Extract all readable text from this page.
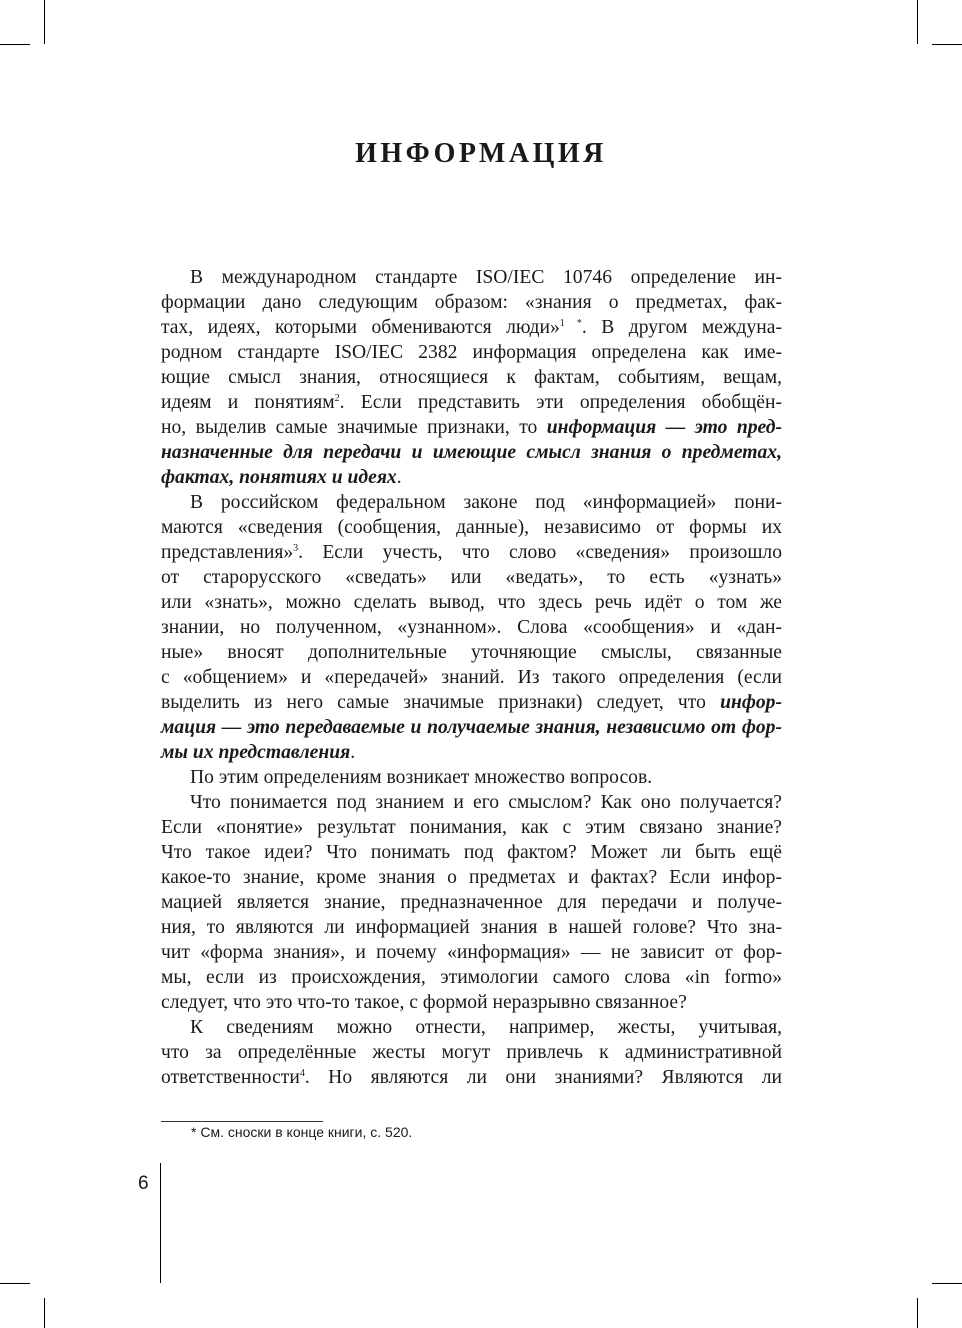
ИНФОРМАЦИЯ

В международном стандарте ISO/IEC 10746 определение ин-
формации дано следующим образом: «знания о предметах, фак-
тах, идеях, которыми обмениваются люди»$^{1 *}$. В другом междуна-
родном стандарте ISO/IEC 2382 информация определена как име-
ющие смысл знания, относящиеся к фактам, событиям, вещам,
идеям и понятиям$^2$. Если представить эти определения обобщён-
но, выделив самые значимые признаки, то информация — это пред-
назначенные для передачи и имеющие смысл знания о предметах,
фактах, понятиях и идеях.

В российском федеральном законе под «информацией» пони-
маются «сведения (сообщения, данные), независимо от формы их
представления»$^3$. Если учесть, что слово «сведения» произошло
от старорусского «сведать» или «ведать», то есть «узнать»
или «знать», можно сделать вывод, что здесь речь идёт о том же
знании, но полученном, «узнанном». Слова «сообщения» и «дан-
ные» вносят дополнительные уточняющие смыслы, связанные
с «общением» и «передачей» знаний. Из такого определения (если
выделить из него самые значимые признаки) следует, что инфор-
мация — это передаваемые и получаемые знания, независимо от фор-
мы их представления.

По этим определениям возникает множество вопросов.

Что понимается под знанием и его смыслом? Как оно получается?
Если «понятие» результат понимания, как с этим связано знание?
Что такое идеи? Что понимать под фактом? Может ли быть ещё
какое-то знание, кроме знания о предметах и фактах? Если инфор-
мацией является знание, предназначенное для передачи и получе-
ния, то являются ли информацией знания в нашей голове? Что зна-
чит «форма знания», и почему «информация» — не зависит от фор-
мы, если из происхождения, этимологии самого слова «in formo»
следует, что это что-то такое, с формой неразрывно связанное?

К сведениям можно отнести, например, жесты, учитывая,
что за определённые жесты могут привлечь к административной
ответственности$^4$. Но являются ли они знаниями? Являются ли

* См. сноски в конце книги, с. 520.
6
